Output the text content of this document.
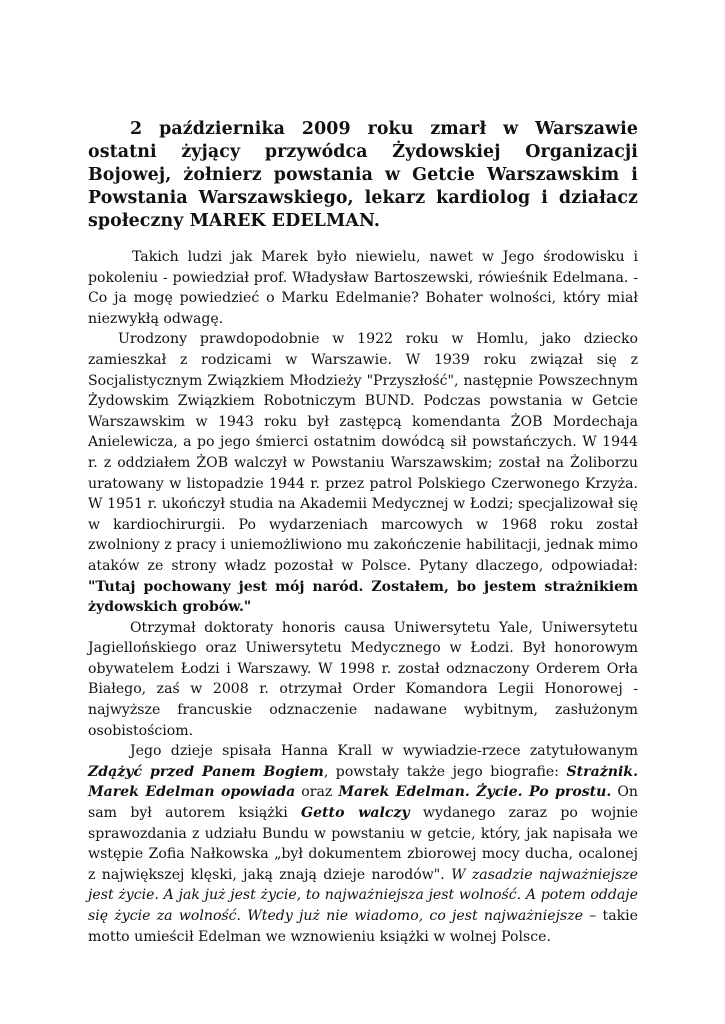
2 października 2009 roku zmarł w Warszawie ostatni żyjący przywódca Żydowskiej Organizacji Bojowej, żołnierz powstania w Getcie Warszawskim i Powstania Warszawskiego, lekarz kardiolog i działacz społeczny MAREK EDELMAN.

Takich ludzi jak Marek było niewielu, nawet w Jego środowisku i pokoleniu - powiedział prof. Władysław Bartoszewski, rówieśnik Edelmana. - Co ja mogę powiedzieć o Marku Edelmanie? Bohater wolności, który miał niezwykłą odwagę.

Urodzony prawdopodobnie w 1922 roku w Homlu, jako dziecko zamieszkał z rodzicami w Warszawie. W 1939 roku związał się z Socjalistycznym Związkiem Młodzieży "Przyszłość", następnie Powszechnym Żydowskim Związkiem Robotniczym BUND. Podczas powstania w Getcie Warszawskim w 1943 roku był zastępcą komendanta ŻOB Mordechaja Anielewicza, a po jego śmierci ostatnim dowódcą sił powstańczych. W 1944 r. z oddziałem ŻOB walczył w Powstaniu Warszawskim; został na Żoliborzu uratowany w listopadzie 1944 r. przez patrol Polskiego Czerwonego Krzyża. W 1951 r. ukończył studia na Akademii Medycznej w Łodzi; specjalizował się w kardiochirurgii. Po wydarzeniach marcowych w 1968 roku został zwolniony z pracy i uniemożliwiono mu zakończenie habilitacji, jednak mimo ataków ze strony władz pozostał w Polsce. Pytany dlaczego, odpowiadał: "Tutaj pochowany jest mój naród. Zostałem, bo jestem strażnikiem żydowskich grobów."

Otrzymał doktoraty honoris causa Uniwersytetu Yale, Uniwersytetu Jagiellońskiego oraz Uniwersytetu Medycznego w Łodzi. Był honorowym obywatelem Łodzi i Warszawy. W 1998 r. został odznaczony Orderem Orła Białego, zaś w 2008 r. otrzymał Order Komandora Legii Honorowej - najwyższe francuskie odznaczenie nadawane wybitnym, zasłużonym osobistościom.

Jego dzieje spisała Hanna Krall w wywiadzie-rzece zatytułowanym Zdążyć przed Panem Bogiem, powstały także jego biografie: Strażnik. Marek Edelman opowiada oraz Marek Edelman. Życie. Po prostu. On sam był autorem książki Getto walczy wydanego zaraz po wojnie sprawozdania z udziału Bundu w powstaniu w getcie, który, jak napisała we wstępie Zofia Nałkowska „był dokumentem zbiorowej mocy ducha, ocalonej z największej klęski, jaką znają dzieje narodów". W zasadzie najważniejsze jest życie. A jak już jest życie, to najważniejsza jest wolność. A potem oddaje się życie za wolność. Wtedy już nie wiadomo, co jest najważniejsze – takie motto umieścił Edelman we wznowieniu książki w wolnej Polsce.
